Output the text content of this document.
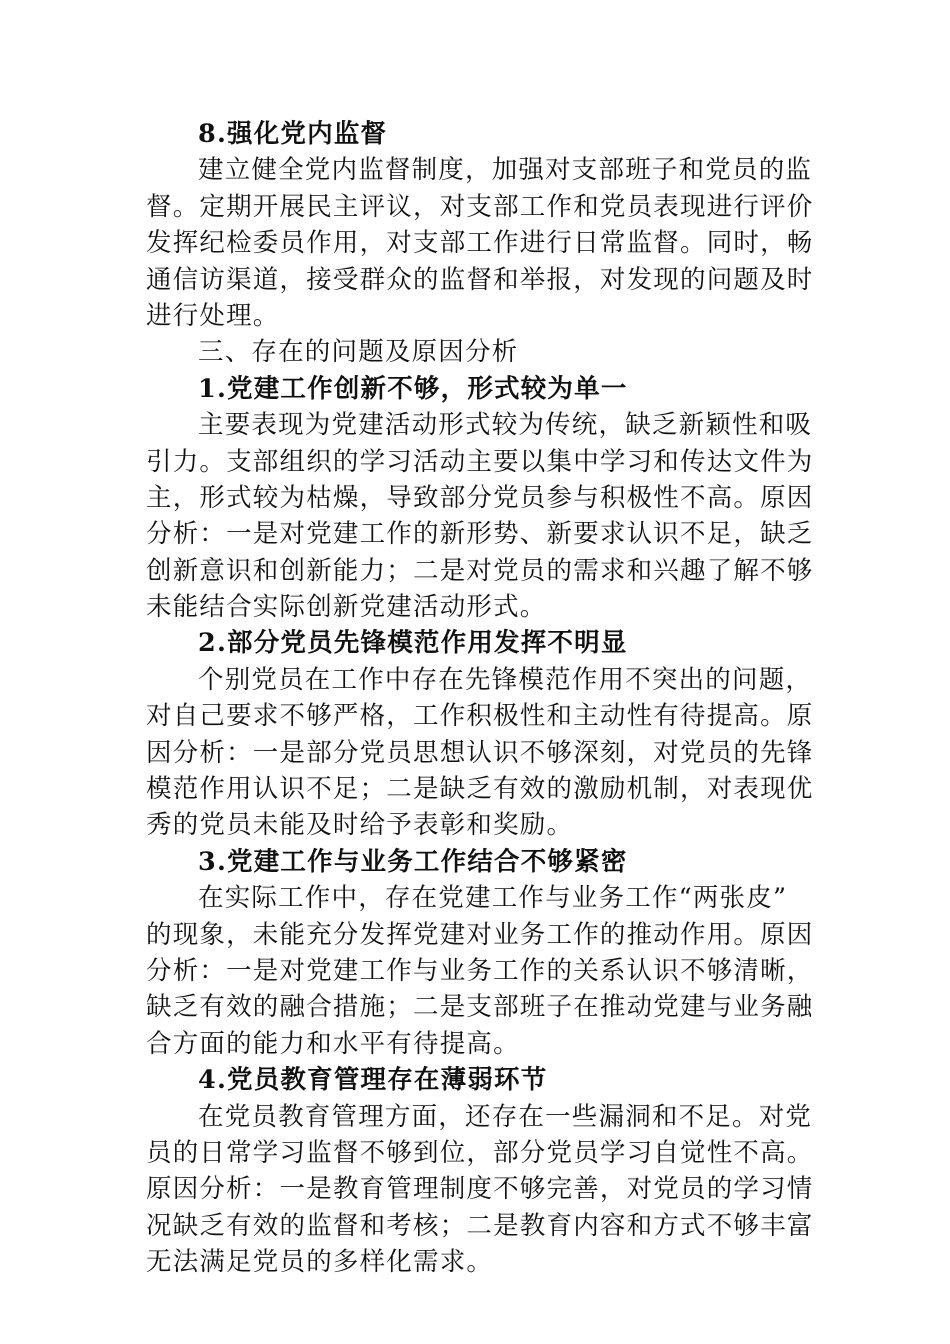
8.强化党内监督
建立健全党内监督制度，加强对支部班子和党员的监
督。定期开展民主评议，对支部工作和党员表现进行评价
发挥纪检委员作用，对支部工作进行日常监督。同时，畅
通信访渠道，接受群众的监督和举报，对发现的问题及时
进行处理。
三、存在的问题及原因分析
1.党建工作创新不够，形式较为单一
主要表现为党建活动形式较为传统，缺乏新颖性和吸
引力。支部组织的学习活动主要以集中学习和传达文件为
主，形式较为枯燥，导致部分党员参与积极性不高。原因
分析：一是对党建工作的新形势、新要求认识不足，缺乏
创新意识和创新能力；二是对党员的需求和兴趣了解不够
未能结合实际创新党建活动形式。
2.部分党员先锋模范作用发挥不明显
个别党员在工作中存在先锋模范作用不突出的问题，
对自己要求不够严格，工作积极性和主动性有待提高。原
因分析：一是部分党员思想认识不够深刻，对党员的先锋
模范作用认识不足；二是缺乏有效的激励机制，对表现优
秀的党员未能及时给予表彰和奖励。
3.党建工作与业务工作结合不够紧密
在实际工作中，存在党建工作与业务工作“两张皮”
的现象，未能充分发挥党建对业务工作的推动作用。原因
分析：一是对党建工作与业务工作的关系认识不够清晰，
缺乏有效的融合措施；二是支部班子在推动党建与业务融
合方面的能力和水平有待提高。
4.党员教育管理存在薄弱环节
在党员教育管理方面，还存在一些漏洞和不足。对党
员的日常学习监督不够到位，部分党员学习自觉性不高。
原因分析：一是教育管理制度不够完善，对党员的学习情
况缺乏有效的监督和考核；二是教育内容和方式不够丰富
无法满足党员的多样化需求。
